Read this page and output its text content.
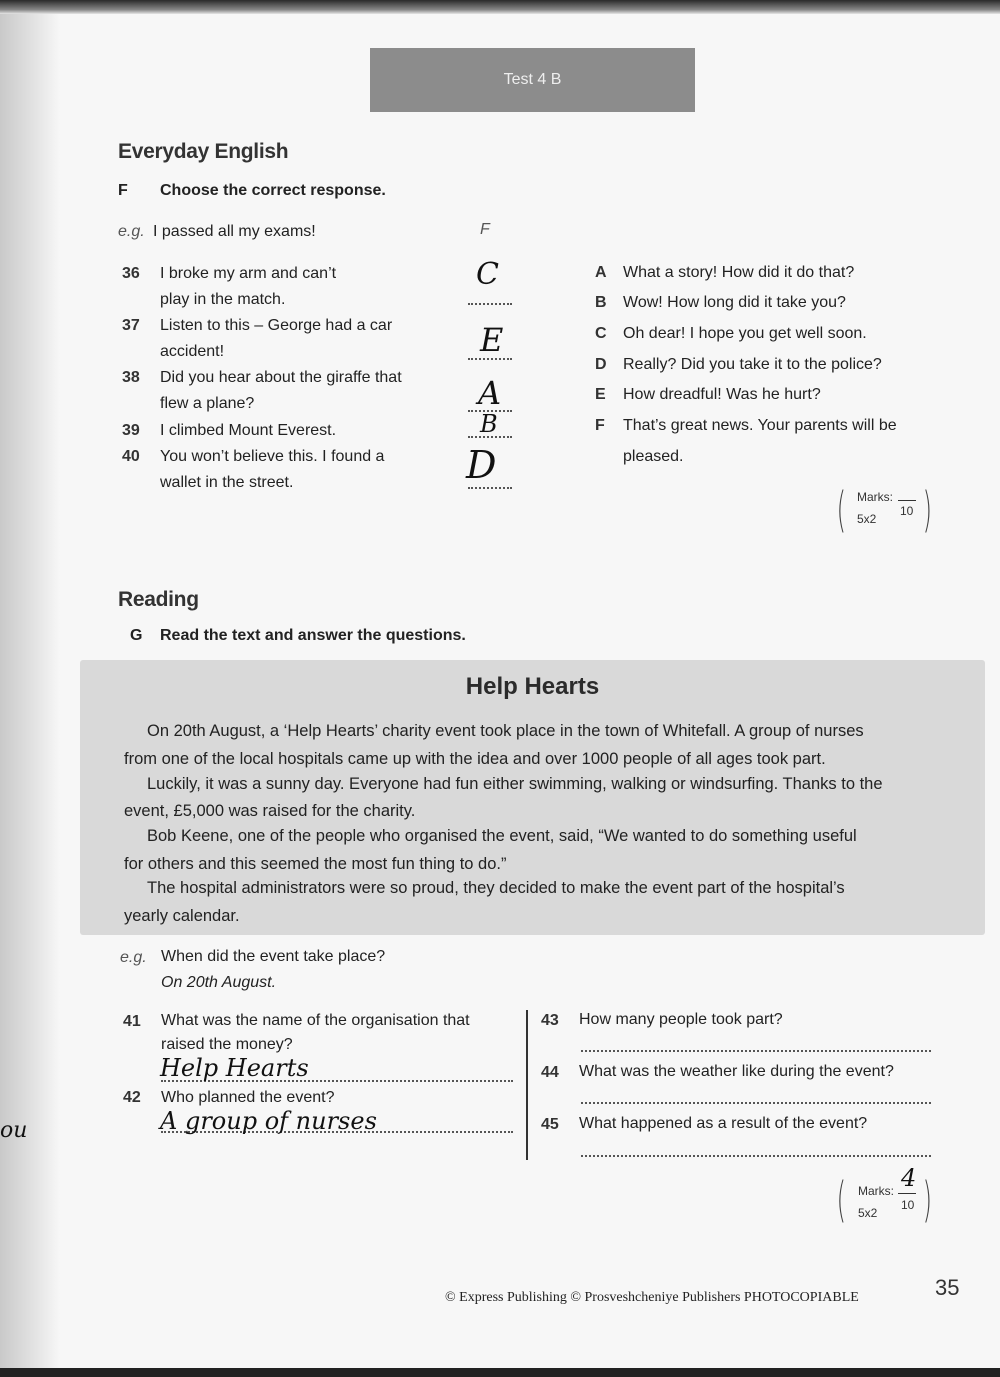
Test 4 B
Everyday English
F Choose the correct response.
e.g. I passed all my exams!	F
36 I broke my arm and can’t
play in the match.
37 Listen to this – George had a car
accident!
38 Did you hear about the giraffe that
flew a plane?
39 I climbed Mount Everest.
40 You won’t believe this. I found a
wallet in the street.
C
E
A
B
D
A What a story! How did it do that?
B Wow! How long did it take you?
C Oh dear! I hope you get well soon.
D Really? Did you take it to the police?
E How dreadful! Was he hurt?
F That’s great news. Your parents will be
pleased.
( )
Marks:
10
5x2
Reading
G Read the text and answer the questions.
Help Hearts
On 20th August, a ‘Help Hearts’ charity event took place in the town of Whitefall. A group of nurses
from one of the local hospitals came up with the idea and over 1000 people of all ages took part.
Luckily, it was a sunny day. Everyone had fun either swimming, walking or windsurfing. Thanks to the
event, £5,000 was raised for the charity.
Bob Keene, one of the people who organised the event, said, “We wanted to do something useful
for others and this seemed the most fun thing to do.”
The hospital administrators were so proud, they decided to make the event part of the hospital’s
yearly calendar.
e.g. When did the event take place?
On 20th August.
41 What was the name of the organisation that
raised the money?
Help Hearts
42 Who planned the event?
A group of nurses
43 How many people took part?
44 What was the weather like during the event?
45 What happened as a result of the event?
( )
Marks: 4
10
5x2
ou
© Express Publishing © Prosveshcheniye Publishers PHOTOCOPIABLE	35
